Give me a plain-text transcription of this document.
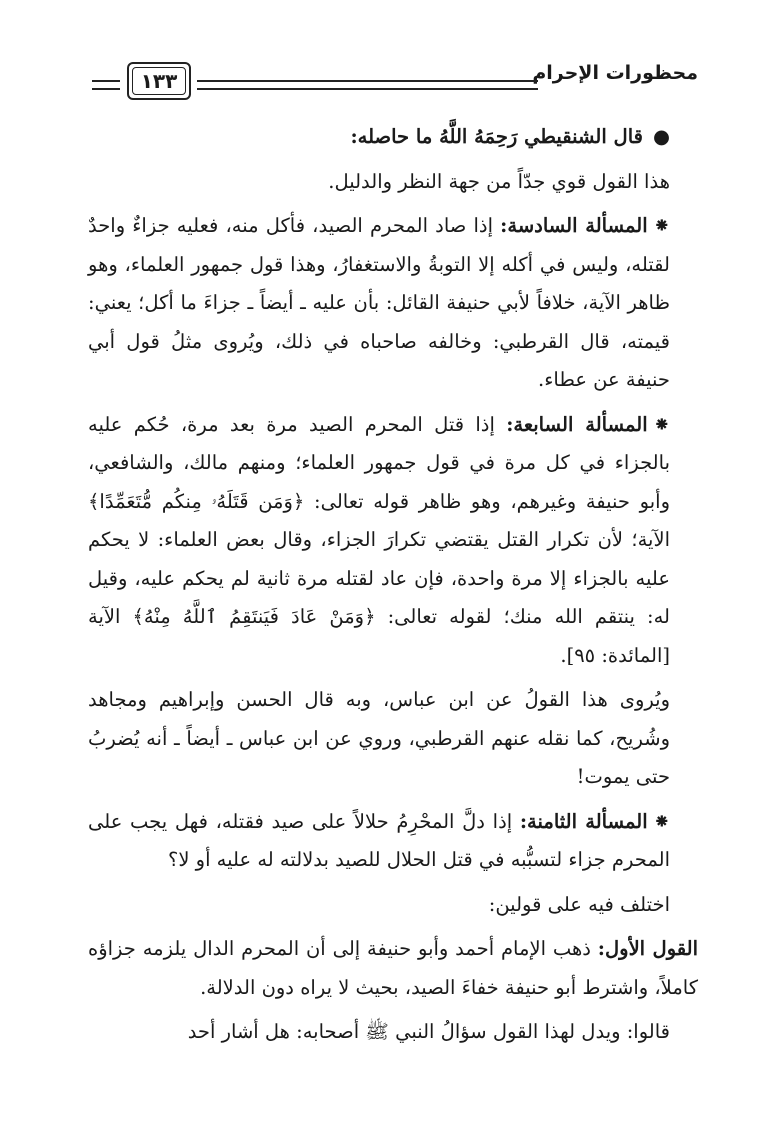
محظورات الإحرام
١٣٣

●قال الشنقيطي رَحِمَهُ اللَّهُ ما حاصله:

هذا القول قوي جدّاً من جهة النظر والدليل.

⁕المسألة السادسة: إذا صاد المحرم الصيد، فأكل منه، فعليه جزاءٌ واحدٌ لقتله، وليس في أكله إلا التوبةُ والاستغفارُ، وهذا قول جمهور العلماء، وهو ظاهر الآية، خلافاً لأبي حنيفة القائل: بأن عليه ـ أيضاً ـ جزاءَ ما أكل؛ يعني: قيمته، قال القرطبي: وخالفه صاحباه في ذلك، ويُروى مثلُ قول أبي حنيفة عن عطاء.

⁕المسألة السابعة: إذا قتل المحرم الصيد مرة بعد مرة، حُكم عليه بالجزاء في كل مرة في قول جمهور العلماء؛ ومنهم مالك، والشافعي، وأبو حنيفة وغيرهم، وهو ظاهر قوله تعالى: ﴿وَمَن قَتَلَهُۥ مِنكُم مُّتَعَمِّدًا﴾ الآية؛ لأن تكرار القتل يقتضي تكرارَ الجزاء، وقال بعض العلماء: لا يحكم عليه بالجزاء إلا مرة واحدة، فإن عاد لقتله مرة ثانية لم يحكم عليه، وقيل له: ينتقم الله منك؛ لقوله تعالى: ﴿وَمَنْ عَادَ فَيَنتَقِمُ ٱللَّهُ مِنْهُ﴾ الآية [المائدة: ٩٥].

ويُروى هذا القولُ عن ابن عباس، وبه قال الحسن وإبراهيم ومجاهد وشُريح، كما نقله عنهم القرطبي، وروي عن ابن عباس ـ أيضاً ـ أنه يُضربُ حتى يموت!

⁕المسألة الثامنة: إذا دلَّ المحْرِمُ حلالاً على صيد فقتله، فهل يجب على المحرم جزاء لتسبُّبه في قتل الحلال للصيد بدلالته له عليه أو لا؟

اختلف فيه على قولين:

القول الأول: ذهب الإمام أحمد وأبو حنيفة إلى أن المحرم الدال يلزمه جزاؤه كاملاً، واشترط أبو حنيفة خفاءَ الصيد، بحيث لا يراه دون الدلالة.

قالوا: ويدل لهذا القول سؤالُ النبي ﷺ أصحابه: هل أشار أحد
